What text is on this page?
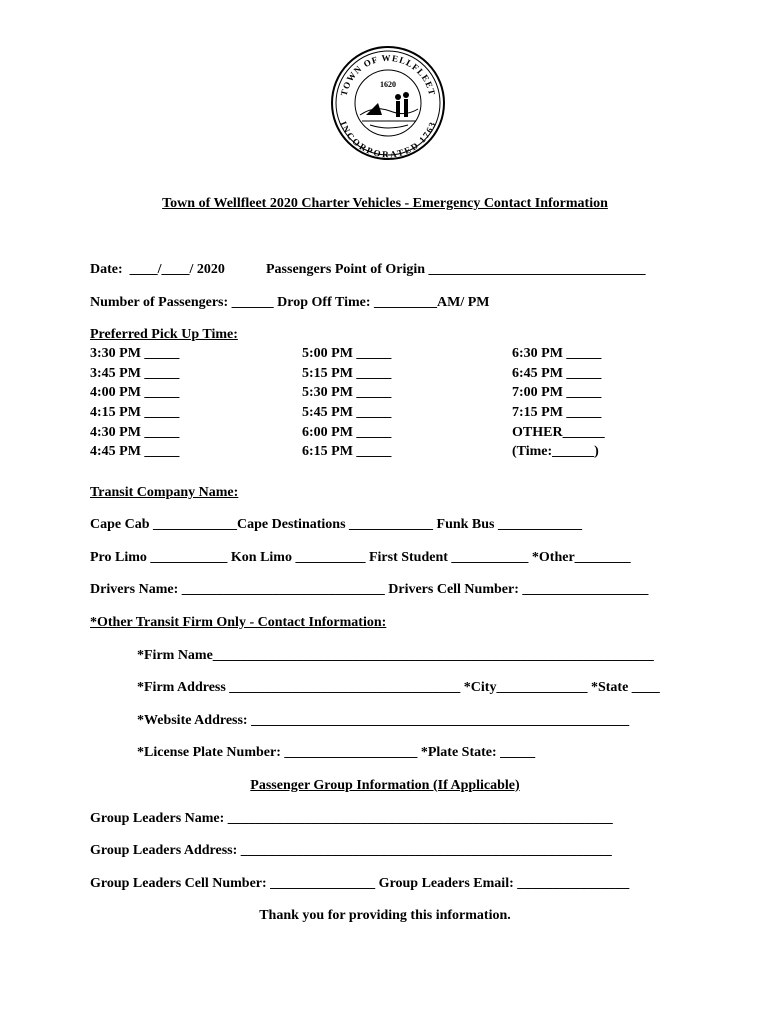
TOWN OF WELLFLEET
INCORPORATED 1763
1620
Town of Wellfleet 2020 Charter Vehicles - Emergency Contact Information
Date:  ____/____/ 2020	Passengers Point of Origin _______________________________
Number of Passengers: ______ Drop Off Time: _________AM/ PM
Preferred Pick Up Time:
3:30 PM _____
3:45 PM _____
4:00 PM _____
4:15 PM _____
4:30 PM _____
4:45 PM _____
5:00 PM _____
5:15 PM _____
5:30 PM _____
5:45 PM _____
6:00 PM _____
6:15 PM _____
6:30 PM _____
6:45 PM _____
7:00 PM _____
7:15 PM _____
OTHER______
(Time:______)
Transit Company Name:
Cape Cab ____________Cape Destinations ____________ Funk Bus ____________
Pro Limo ___________ Kon Limo __________ First Student ___________ *Other________
Drivers Name: _____________________________ Drivers Cell Number: __________________
*Other Transit Firm Only - Contact Information:
*Firm Name_______________________________________________________________
*Firm Address _________________________________ *City_____________ *State ____
*Website Address: ______________________________________________________
*License Plate Number: ___________________ *Plate State: _____
Passenger Group Information (If Applicable)
Group Leaders Name: _______________________________________________________
Group Leaders Address: _____________________________________________________
Group Leaders Cell Number: _______________ Group Leaders Email: ________________
Thank you for providing this information.
